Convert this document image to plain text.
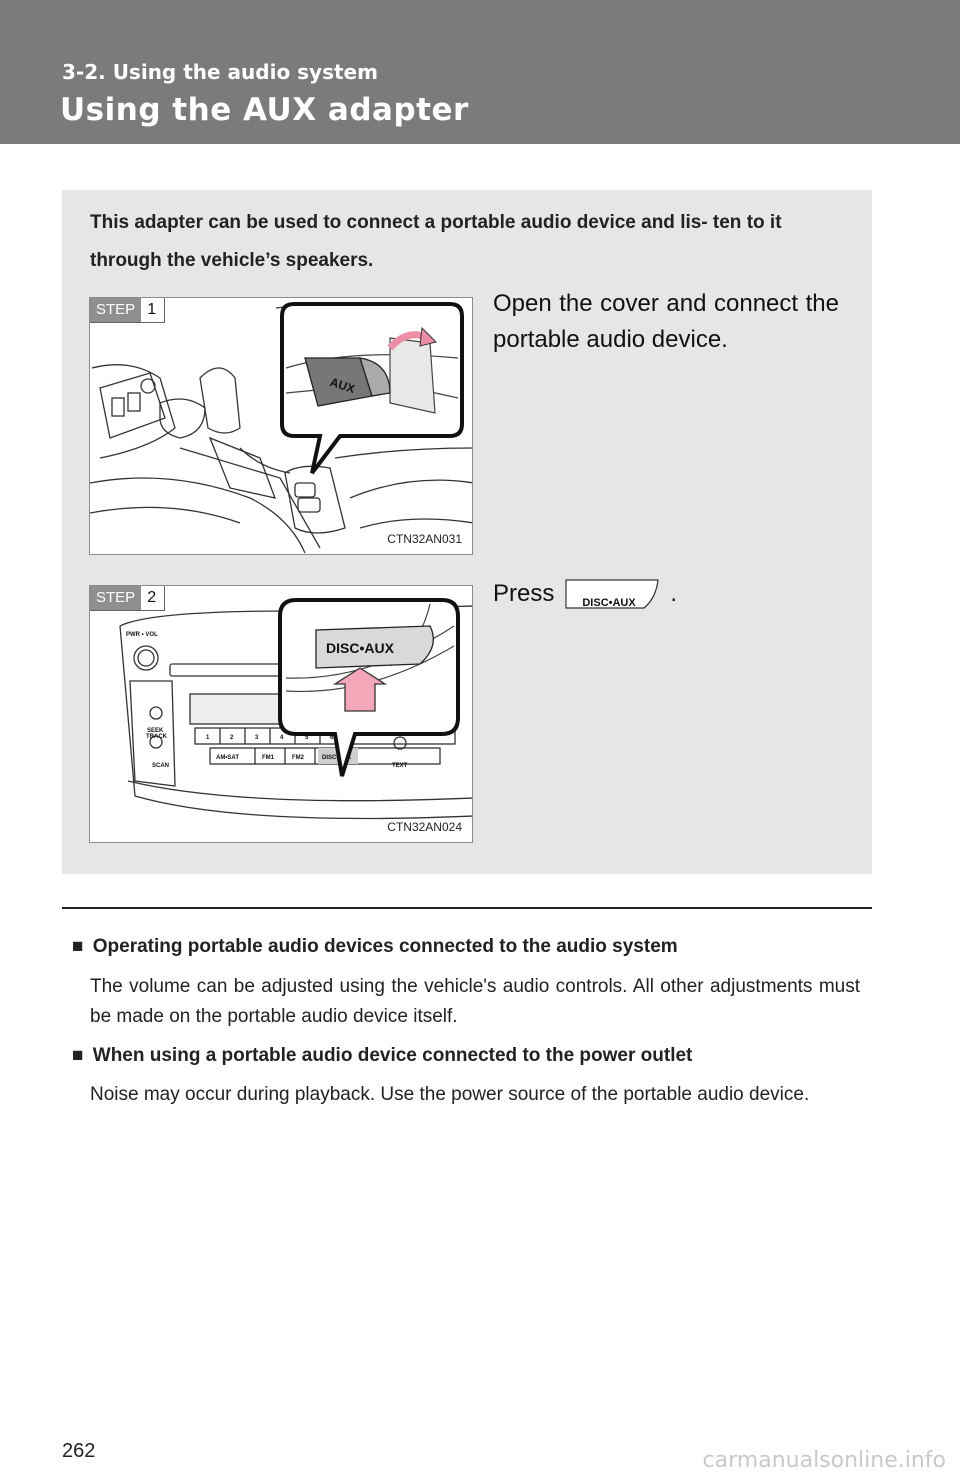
3-2. Using the audio system
Using the AUX adapter
This adapter can be used to connect a portable audio device and lis- ten to it through the vehicle’s speakers.
AUX
STEP 1
CTN32AN031
Open the cover and connect the portable audio device.
PWR • VOL
SEEK
TRACK
SCAN	TEXT
1	2	3	4	5	6
AM•SAT	FM1	FM2	DISC•AUX
DISC•AUX
STEP 2
CTN32AN024
Press	DISC•AUX .
■ Operating portable audio devices connected to the audio system
The volume can be adjusted using the vehicle's audio controls. All other adjustments must be made on the portable audio device itself.
■ When using a portable audio device connected to the power outlet
Noise may occur during playback. Use the power source of the portable audio device.
262	carmanualsonline.info
